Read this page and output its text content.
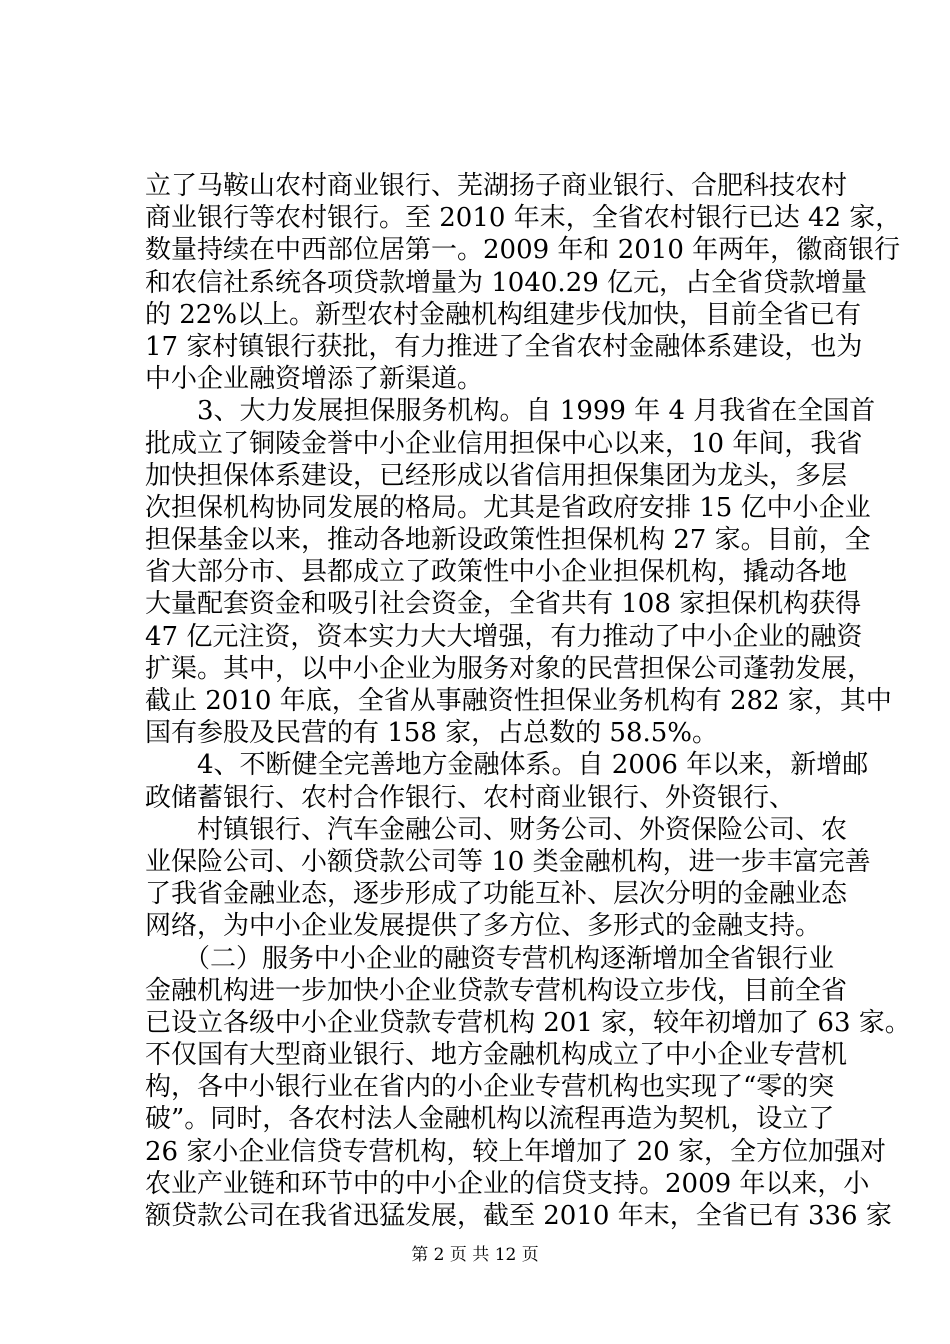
立了马鞍山农村商业银行、芜湖扬子商业银行、合肥科技农村
商业银行等农村银行。至 2010 年末，全省农村银行已达 42 家，
数量持续在中西部位居第一。2009 年和 2010 年两年，徽商银行
和农信社系统各项贷款增量为 1040.29 亿元，占全省贷款增量
的 22%以上。新型农村金融机构组建步伐加快，目前全省已有
17 家村镇银行获批，有力推进了全省农村金融体系建设，也为
中小企业融资增添了新渠道。
　　3、大力发展担保服务机构。自 1999 年 4 月我省在全国首
批成立了铜陵金誉中小企业信用担保中心以来，10 年间，我省
加快担保体系建设，已经形成以省信用担保集团为龙头，多层
次担保机构协同发展的格局。尤其是省政府安排 15 亿中小企业
担保基金以来，推动各地新设政策性担保机构 27 家。目前，全
省大部分市、县都成立了政策性中小企业担保机构，撬动各地
大量配套资金和吸引社会资金，全省共有 108 家担保机构获得
47 亿元注资，资本实力大大增强，有力推动了中小企业的融资
扩渠。其中，以中小企业为服务对象的民营担保公司蓬勃发展，
截止 2010 年底，全省从事融资性担保业务机构有 282 家，其中
国有参股及民营的有 158 家，占总数的 58.5%。
　　4、不断健全完善地方金融体系。自 2006 年以来，新增邮
政储蓄银行、农村合作银行、农村商业银行、外资银行、
　　村镇银行、汽车金融公司、财务公司、外资保险公司、农
业保险公司、小额贷款公司等 10 类金融机构，进一步丰富完善
了我省金融业态，逐步形成了功能互补、层次分明的金融业态
网络，为中小企业发展提供了多方位、多形式的金融支持。
　　（二）服务中小企业的融资专营机构逐渐增加全省银行业
金融机构进一步加快小企业贷款专营机构设立步伐，目前全省
已设立各级中小企业贷款专营机构 201 家，较年初增加了 63 家。
不仅国有大型商业银行、地方金融机构成立了中小企业专营机
构，各中小银行业在省内的小企业专营机构也实现了“零的突
破”。同时，各农村法人金融机构以流程再造为契机，设立了
26 家小企业信贷专营机构，较上年增加了 20 家，全方位加强对
农业产业链和环节中的中小企业的信贷支持。2009 年以来，小
额贷款公司在我省迅猛发展，截至 2010 年末，全省已有 336 家
第 2 页 共 12 页
